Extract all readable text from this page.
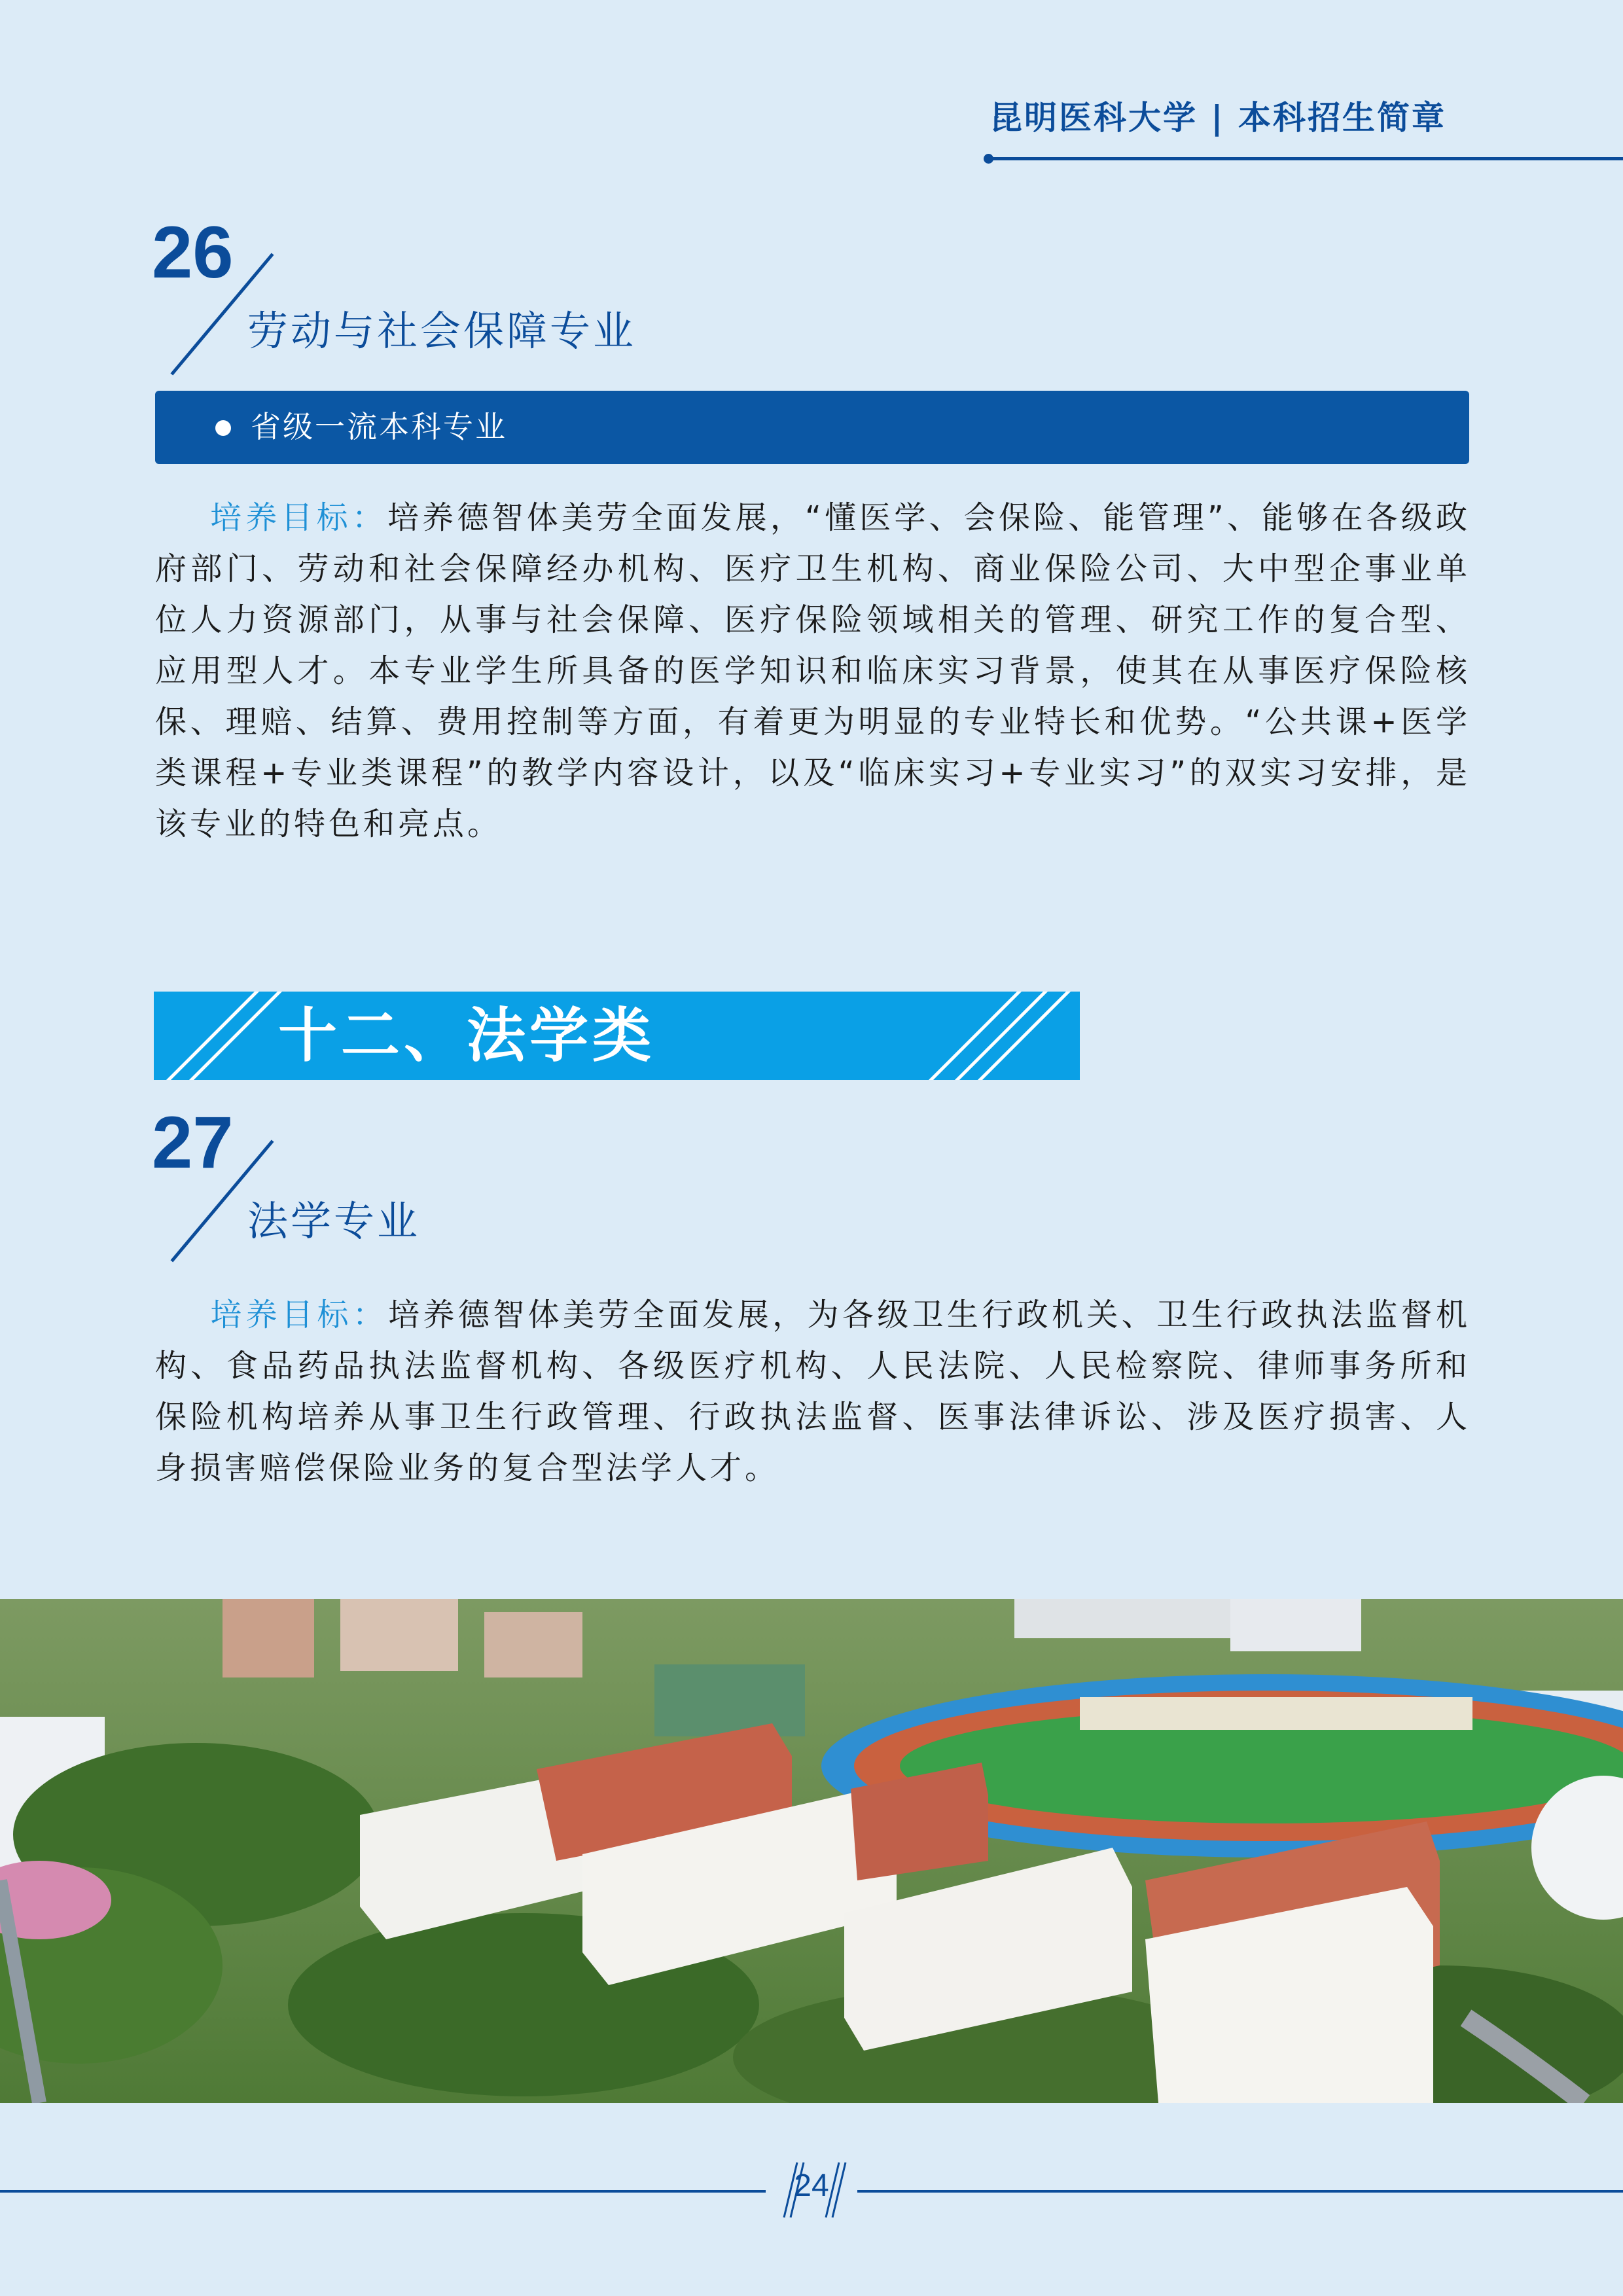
昆明医科大学 | 本科招生简章
26
劳动与社会保障专业
省级一流本科专业
培养目标：培养德智体美劳全面发展，“懂医学、会保险、能管理”、能够在各级政府部门、劳动和社会保障经办机构、医疗卫生机构、商业保险公司、大中型企事业单位人力资源部门，从事与社会保障、医疗保险领域相关的管理、研究工作的复合型、应用型人才。本专业学生所具备的医学知识和临床实习背景，使其在从事医疗保险核保、理赔、结算、费用控制等方面，有着更为明显的专业特长和优势。“公共课+医学类课程+专业类课程”的教学内容设计，以及“临床实习+专业实习”的双实习安排，是该专业的特色和亮点。
十二、法学类
27
法学专业
培养目标：培养德智体美劳全面发展，为各级卫生行政机关、卫生行政执法监督机构、食品药品执法监督机构、各级医疗机构、人民法院、人民检察院、律师事务所和保险机构培养从事卫生行政管理、行政执法监督、医事法律诉讼、涉及医疗损害、人身损害赔偿保险业务的复合型法学人才。
24
